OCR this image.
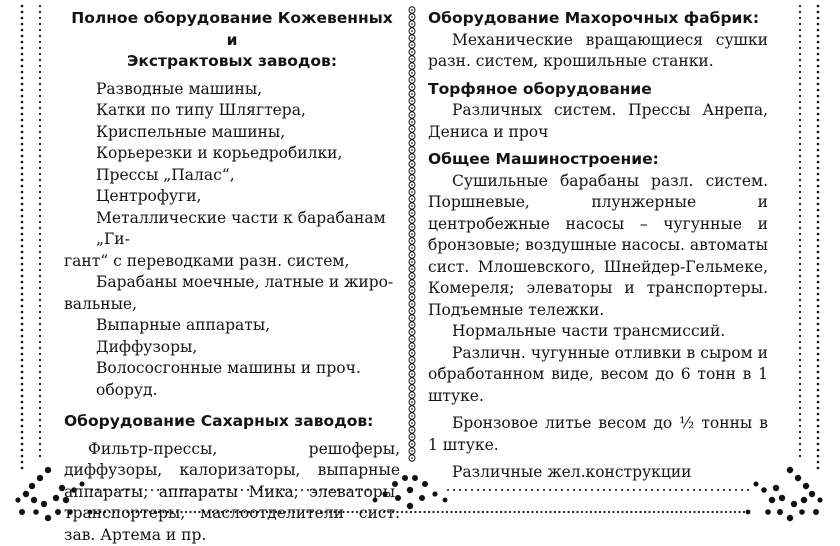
Полное оборудование Кожевенных и
Экстрактовых заводов:
Разводные машины,
Катки по типу Шлягтера,
Криспельные машины,
Корьерезки и корьедробилки,
Прессы „Палас“,
Центрофуги,
Металлические части к барабанам „Ги-
гант“ с переводками разн. систем,
Барабаны моечные, латные и жиро-
вальные,
Выпарные аппараты,
Диффузоры,
Волососгонные машины и проч. оборуд.
Оборудование Сахарных заводов:
Фильтр-прессы, решоферы, диффузоры, калоризаторы, выпарные аппараты, аппараты Мика, элеваторы, транспортеры, маслоотделители сист. зав. Артема и пр.
Оборудование Махорочных фабрик:
Механические вращающиеся сушки разн. систем, крошильные станки.
Торфяное оборудование
Различных систем. Прессы Анрепа, Дениса и проч
Общее Машиностроение:
Сушильные барабаны разл. систем. Поршневые, плунжерные и центробежные насосы – чугунные и бронзовые; воздушные насосы. автоматы сист. Млошевского, Шнейдер-Гельмеке, Комереля; элеваторы и транспортеры. Подъемные тележки.
Нормальные части трансмиссий.
Различн. чугунные отливки в сыром и обработанном виде, весом до 6 тонн в 1 штуке.
Бронзовое литье весом до ½ тонны в 1 штуке.
Различные жел.конструкции
